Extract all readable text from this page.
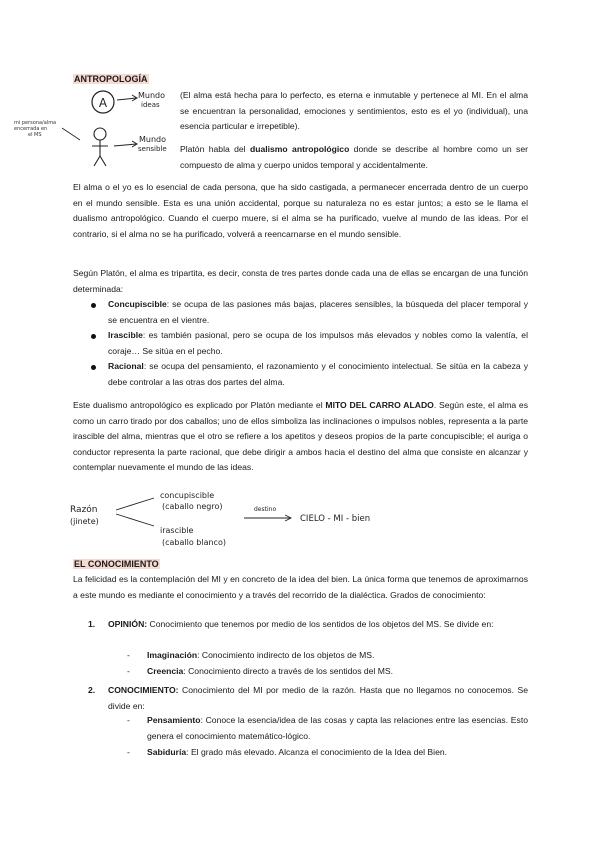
ANTROPOLOGÍA
A
Mundo
ideas
Mundo
sensible
mi persona/alma
encerrada en
el MS

(El alma está hecha para lo perfecto, es eterna e inmutable y pertenece al MI. En el alma se encuentran la personalidad, emociones y sentimientos, esto es el yo (individual), una esencia particular e irrepetible).

Platón habla del dualismo antropológico donde se describe al hombre como un ser compuesto de alma y cuerpo unidos temporal y accidentalmente.

El alma o el yo es lo esencial de cada persona, que ha sido castigada, a permanecer encerrada dentro de un cuerpo en el mundo sensible. Esta es una unión accidental, porque su naturaleza no es estar juntos; a esto se le llama el dualismo antropológico. Cuando el cuerpo muere, si el alma se ha purificado, vuelve al mundo de las ideas. Por el contrario, si el alma no se ha purificado, volverá a reencarnarse en el mundo sensible.

Según Platón, el alma es tripartita, es decir, consta de tres partes donde cada una de ellas se encargan de una función determinada:

Concupiscible: se ocupa de las pasiones más bajas, placeres sensibles, la búsqueda del placer temporal y se encuentra en el vientre.
Irascible: es también pasional, pero se ocupa de los impulsos más elevados y nobles como la valentía, el coraje… Se sitúa en el pecho.
Racional: se ocupa del pensamiento, el razonamiento y el conocimiento intelectual. Se sitúa en la cabeza y debe controlar a las otras dos partes del alma.

Este dualismo antropológico es explicado por Platón mediante el MITO DEL CARRO ALADO. Según este, el alma es como un carro tirado por dos caballos; uno de ellos simboliza las inclinaciones o impulsos nobles, representa a la parte irascible del alma, mientras que el otro se refiere a los apetitos y deseos propios de la parte concupiscible; el auriga o conductor representa la parte racional, que debe dirigir a ambos hacia el destino del alma que consiste en alcanzar y contemplar nuevamente el mundo de las ideas.

Razón
(jinete)
concupiscible
(caballo negro)
irascible
(caballo blanco)
destino
CIELO - MI - bien
EL CONOCIMIENTO

La felicidad es la contemplación del MI y en concreto de la idea del bien. La única forma que tenemos de aproximarnos a este mundo es mediante el conocimiento y a través del recorrido de la dialéctica. Grados de conocimiento:

1. OPINIÓN: Conocimiento que tenemos por medio de los sentidos de los objetos del MS. Se divide en:
- Imaginación: Conocimiento indirecto de los objetos de MS.
- Creencia: Conocimiento directo a través de los sentidos del MS.
2. CONOCIMIENTO: Conocimiento del MI por medio de la razón. Hasta que no llegamos no conocemos. Se divide en:
- Pensamiento: Conoce la esencia/idea de las cosas y capta las relaciones entre las esencias. Esto genera el conocimiento matemático-lógico.
- Sabiduría: El grado más elevado. Alcanza el conocimiento de la Idea del Bien.
